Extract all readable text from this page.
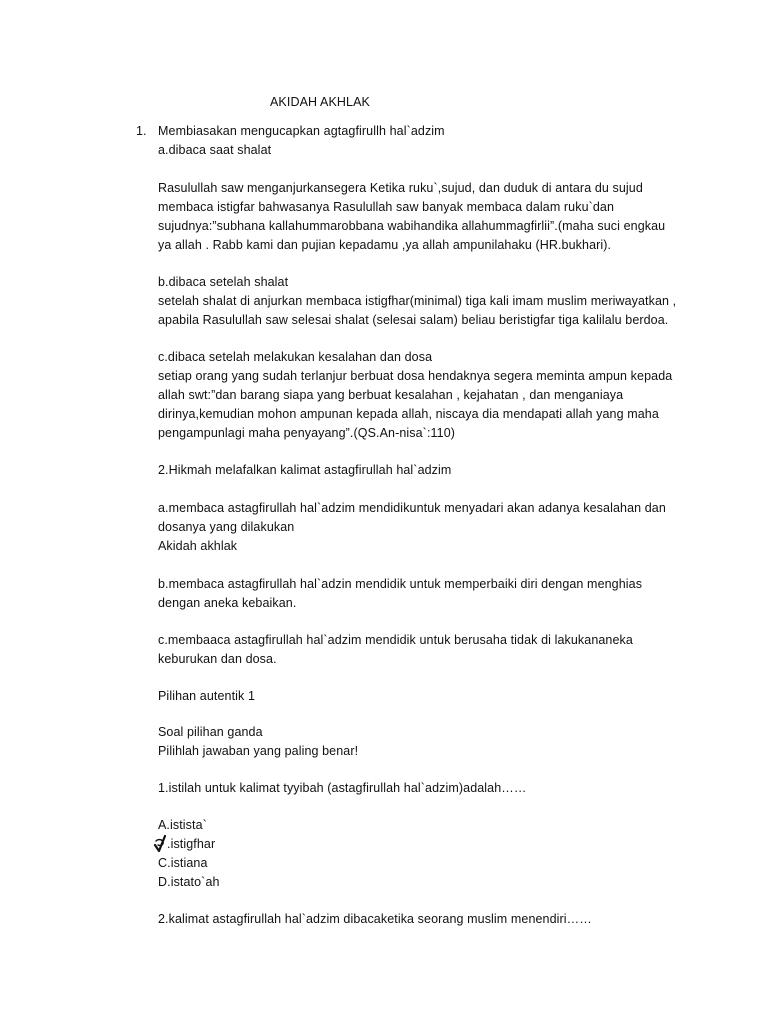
AKIDAH AKHLAK
1. Membiasakan mengucapkan agtagfirullh hal`adzim
a.dibaca saat shalat
Rasulullah saw menganjurkansegera Ketika ruku`,sujud, dan duduk di antara du sujud
membaca istigfar bahwasanya Rasulullah saw banyak membaca dalam ruku`dan
sujudnya:”subhana kallahummarobbana wabihandika allahummagfirlii”.(maha suci engkau
ya allah . Rabb kami dan pujian kepadamu ,ya allah ampunilahaku (HR.bukhari).
b.dibaca setelah shalat
setelah shalat di anjurkan membaca istigfhar(minimal) tiga kali imam muslim meriwayatkan ,
apabila Rasulullah saw selesai shalat (selesai salam) beliau beristigfar tiga kalilalu berdoa.
c.dibaca setelah melakukan kesalahan dan dosa
setiap orang yang sudah terlanjur berbuat dosa hendaknya segera meminta ampun kepada
allah swt:”dan barang siapa yang berbuat kesalahan , kejahatan , dan menganiaya
dirinya,kemudian mohon ampunan kepada allah, niscaya dia mendapati allah yang maha
pengampunlagi maha penyayang”.(QS.An-nisa`:110)
2.Hikmah melafalkan kalimat astagfirullah hal`adzim
a.membaca astagfirullah hal`adzim mendidikuntuk menyadari akan adanya kesalahan dan
dosanya yang dilakukan
Akidah akhlak
b.membaca astagfirullah hal`adzin mendidik untuk memperbaiki diri dengan menghias
dengan aneka kebaikan.
c.membaaca astagfirullah hal`adzim mendidik untuk berusaha tidak di lakukananeka
keburukan dan dosa.
Pilihan autentik 1
Soal pilihan ganda
Pilihlah jawaban yang paling benar!
1.istilah untuk kalimat tyyibah (astagfirullah hal`adzim)adalah……
A.istista`
.istigfhar
C.istiana
D.istato`ah
2.kalimat astagfirullah hal`adzim dibacaketika seorang muslim menendiri……
